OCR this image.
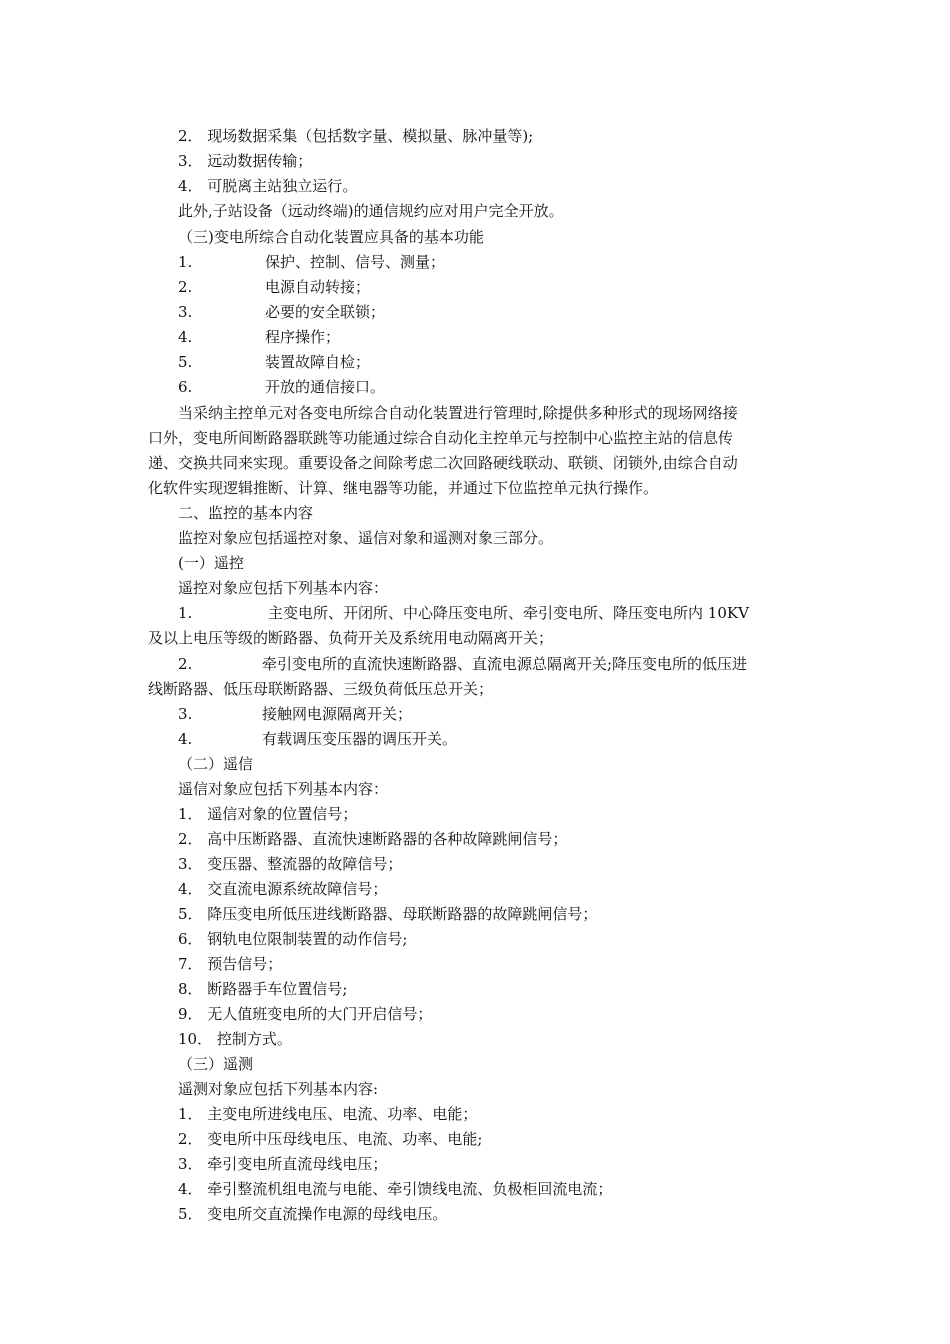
2． 现场数据采集（包括数字量、模拟量、脉冲量等);
3． 远动数据传输；
4． 可脱离主站独立运行。
此外,子站设备（远动终端)的通信规约应对用户完全开放。
（三)变电所综合自动化装置应具备的基本功能
1.	保护、控制、信号、测量；
2.	电源自动转接；
3.	必要的安全联锁；
4.	程序操作；
5.	装置故障自检；
6.	开放的通信接口。
当采纳主控单元对各变电所综合自动化装置进行管理时,除提供多种形式的现场网络接
口外，变电所间断路器联跳等功能通过综合自动化主控单元与控制中心监控主站的信息传
递、交换共同来实现。重要设备之间除考虑二次回路硬线联动、联锁、闭锁外,由综合自动
化软件实现逻辑推断、计算、继电器等功能，并通过下位监控单元执行操作。
二、监控的基本内容
监控对象应包括遥控对象、遥信对象和遥测对象三部分。
(一）遥控
遥控对象应包括下列基本内容：
1.	主变电所、开闭所、中心降压变电所、牵引变电所、降压变电所内 10KV
及以上电压等级的断路器、负荷开关及系统用电动隔离开关；
2.	牵引变电所的直流快速断路器、直流电源总隔离开关;降压变电所的低压进
线断路器、低压母联断路器、三级负荷低压总开关；
3.	接触网电源隔离开关；
4.	有载调压变压器的调压开关。
（二）遥信
遥信对象应包括下列基本内容：
1． 遥信对象的位置信号；
2． 高中压断路器、直流快速断路器的各种故障跳闸信号；
3． 变压器、整流器的故障信号；
4． 交直流电源系统故障信号；
5． 降压变电所低压进线断路器、母联断路器的故障跳闸信号；
6． 钢轨电位限制装置的动作信号;
7． 预告信号；
8． 断路器手车位置信号;
9． 无人值班变电所的大门开启信号；
10． 控制方式。
（三）遥测
遥测对象应包括下列基本内容:
1． 主变电所进线电压、电流、功率、电能；
2． 变电所中压母线电压、电流、功率、电能;
3． 牵引变电所直流母线电压；
4． 牵引整流机组电流与电能、牵引馈线电流、负极柜回流电流；
5． 变电所交直流操作电源的母线电压。
